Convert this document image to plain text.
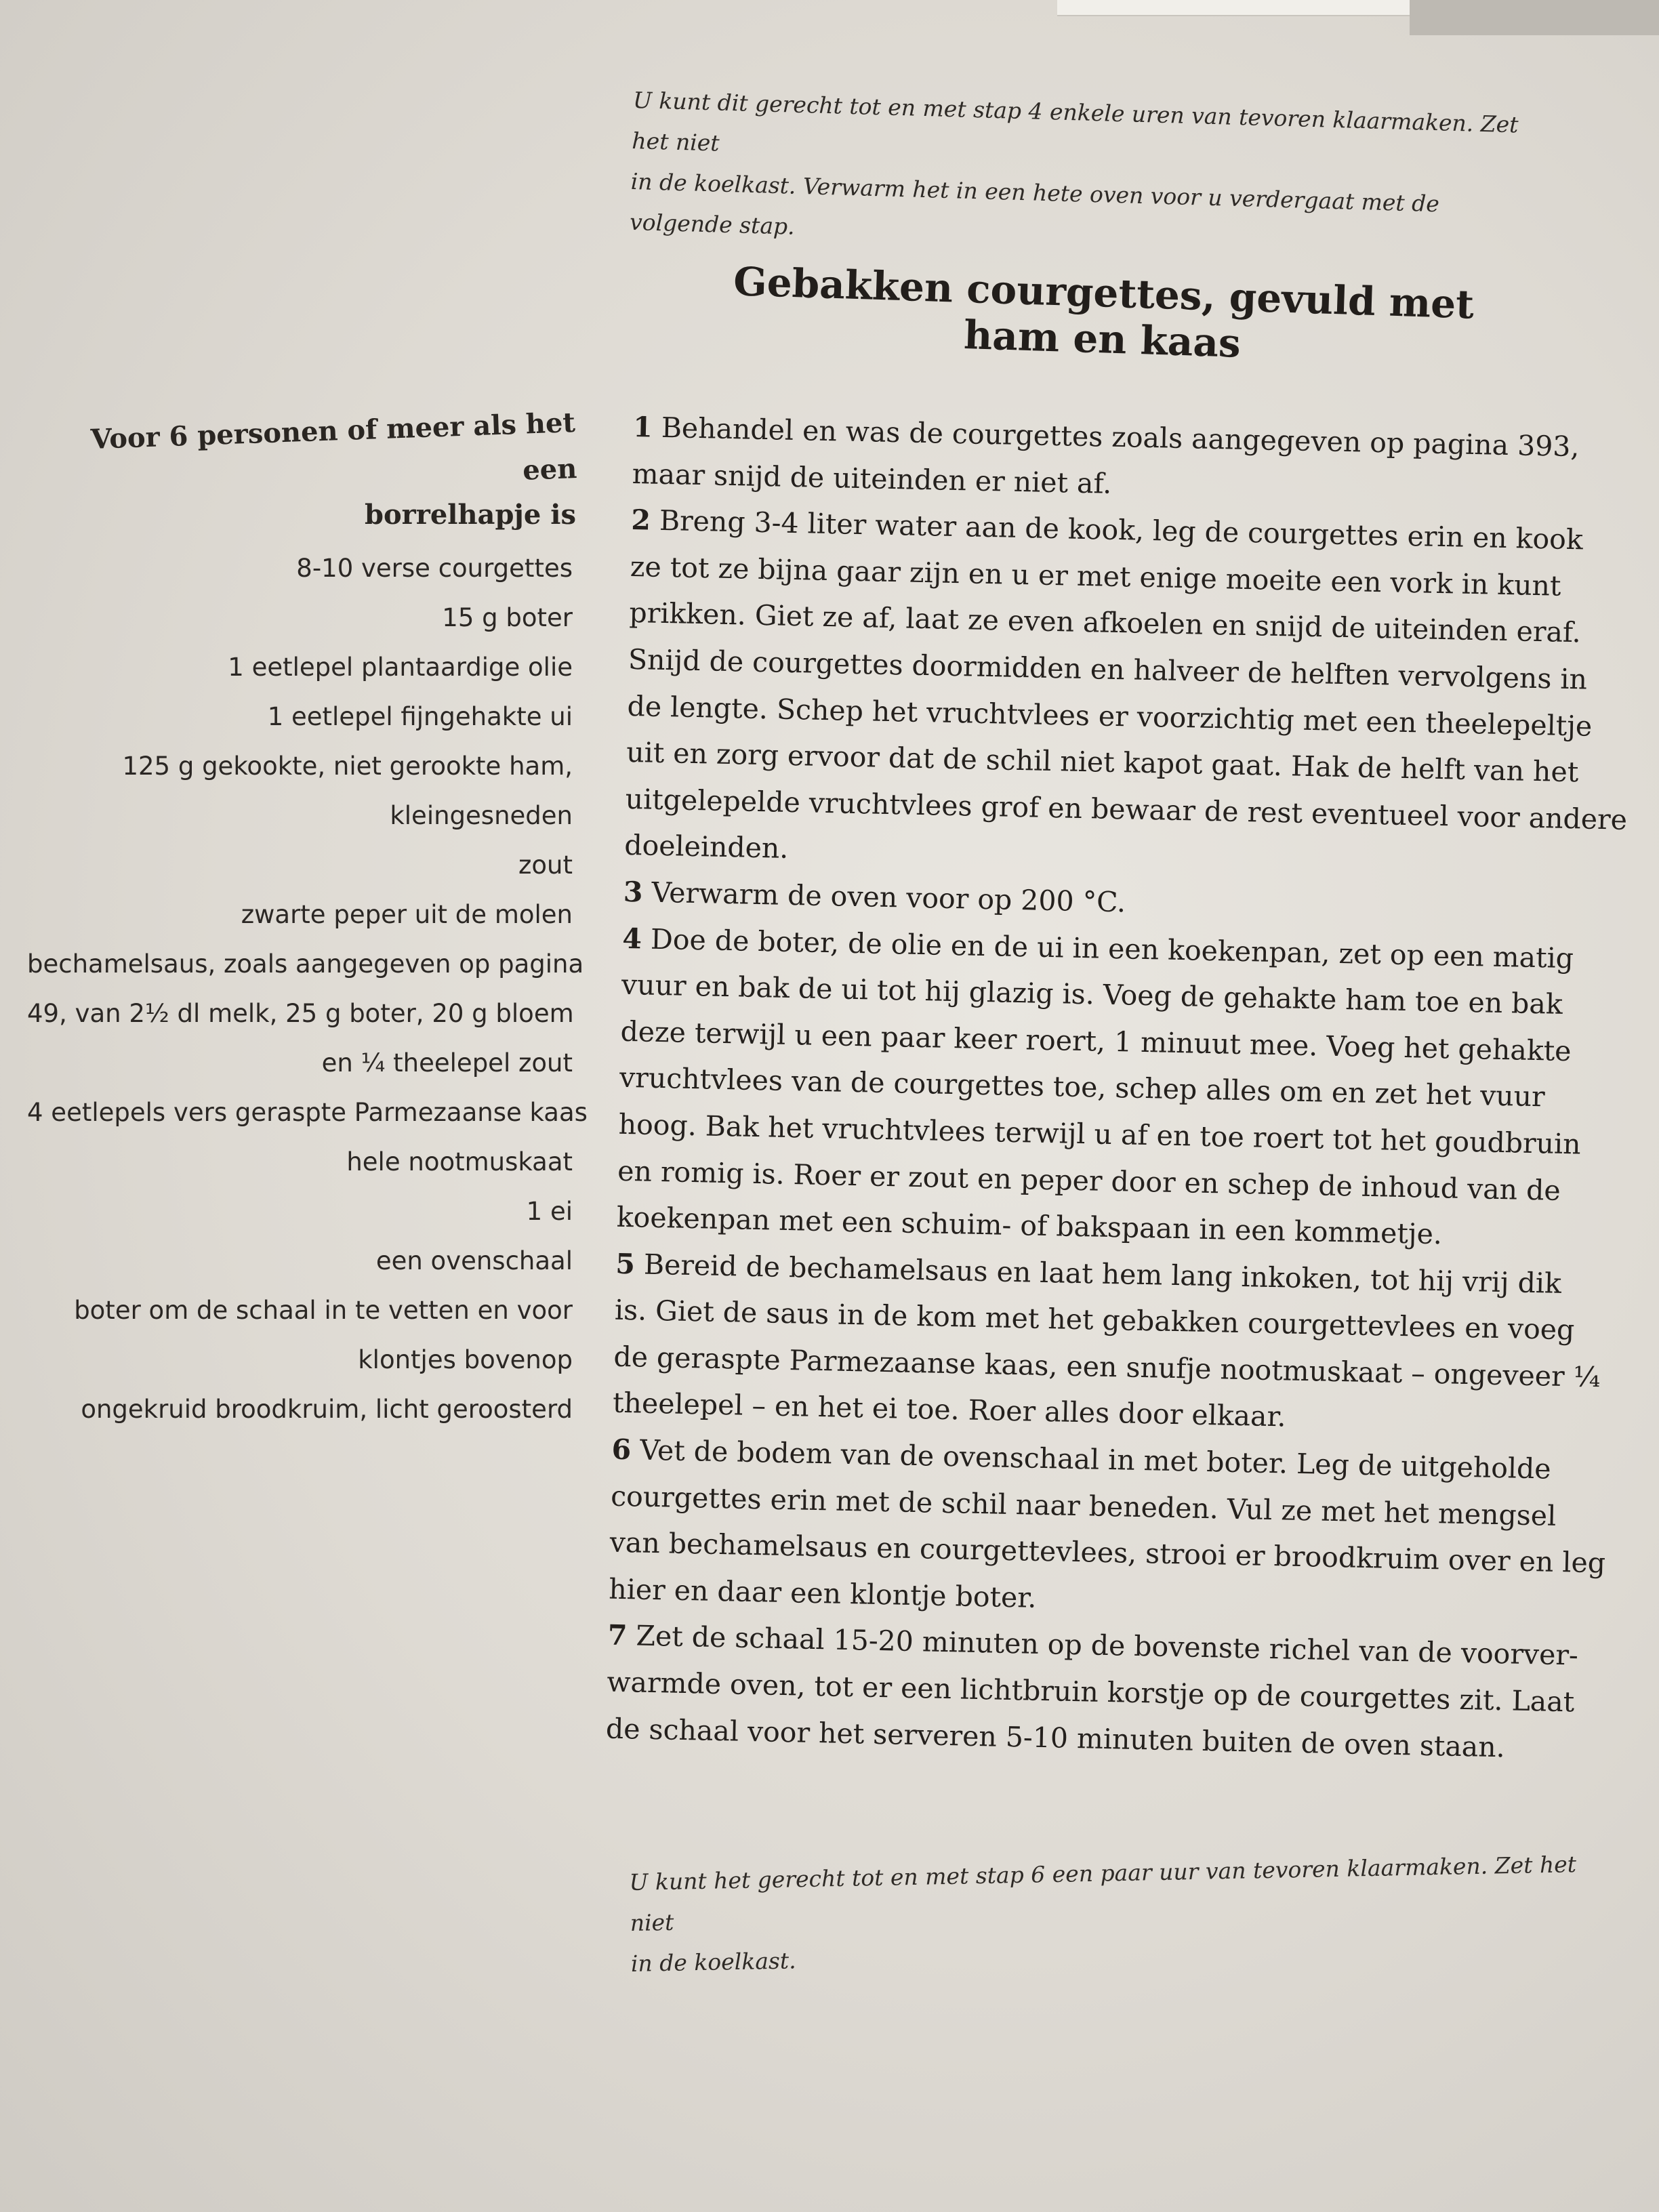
U kunt dit gerecht tot en met stap 4 enkele uren van tevoren klaarmaken. Zet het niet
in de koelkast. Verwarm het in een hete oven voor u verdergaat met de volgende stap.
Gebakken courgettes, gevuld met
ham en kaas
Voor 6 personen of meer als het een
borrelhapje is
8-10 verse courgettes
15 g boter
1 eetlepel plantaardige olie
1 eetlepel fijngehakte ui
125 g gekookte, niet gerookte ham,
kleingesneden
zout
zwarte peper uit de molen
bechamelsaus, zoals aangegeven op pagina
49, van 2½ dl melk, 25 g boter, 20 g bloem
en ¼ theelepel zout
4 eetlepels vers geraspte Parmezaanse kaas
hele nootmuskaat
1 ei
een ovenschaal
boter om de schaal in te vetten en voor
klontjes bovenop
ongekruid broodkruim, licht geroosterd
1 Behandel en was de courgettes zoals aangegeven op pagina 393,
maar snijd de uiteinden er niet af.
2 Breng 3-4 liter water aan de kook, leg de courgettes erin en kook
ze tot ze bijna gaar zijn en u er met enige moeite een vork in kunt
prikken. Giet ze af, laat ze even afkoelen en snijd de uiteinden eraf.
Snijd de courgettes doormidden en halveer de helften vervolgens in
de lengte. Schep het vruchtvlees er voorzichtig met een theelepeltje
uit en zorg ervoor dat de schil niet kapot gaat. Hak de helft van het
uitgelepelde vruchtvlees grof en bewaar de rest eventueel voor andere
doeleinden.
3 Verwarm de oven voor op 200 °C.
4 Doe de boter, de olie en de ui in een koekenpan, zet op een matig
vuur en bak de ui tot hij glazig is. Voeg de gehakte ham toe en bak
deze terwijl u een paar keer roert, 1 minuut mee. Voeg het gehakte
vruchtvlees van de courgettes toe, schep alles om en zet het vuur
hoog. Bak het vruchtvlees terwijl u af en toe roert tot het goudbruin
en romig is. Roer er zout en peper door en schep de inhoud van de
koekenpan met een schuim- of bakspaan in een kommetje.
5 Bereid de bechamelsaus en laat hem lang inkoken, tot hij vrij dik
is. Giet de saus in de kom met het gebakken courgettevlees en voeg
de geraspte Parmezaanse kaas, een snufje nootmuskaat – ongeveer ¼
theelepel – en het ei toe. Roer alles door elkaar.
6 Vet de bodem van de ovenschaal in met boter. Leg de uitgeholde
courgettes erin met de schil naar beneden. Vul ze met het mengsel
van bechamelsaus en courgettevlees, strooi er broodkruim over en leg
hier en daar een klontje boter.
7 Zet de schaal 15-20 minuten op de bovenste richel van de voorver-
warmde oven, tot er een lichtbruin korstje op de courgettes zit. Laat
de schaal voor het serveren 5-10 minuten buiten de oven staan.
U kunt het gerecht tot en met stap 6 een paar uur van tevoren klaarmaken. Zet het niet
in de koelkast.
